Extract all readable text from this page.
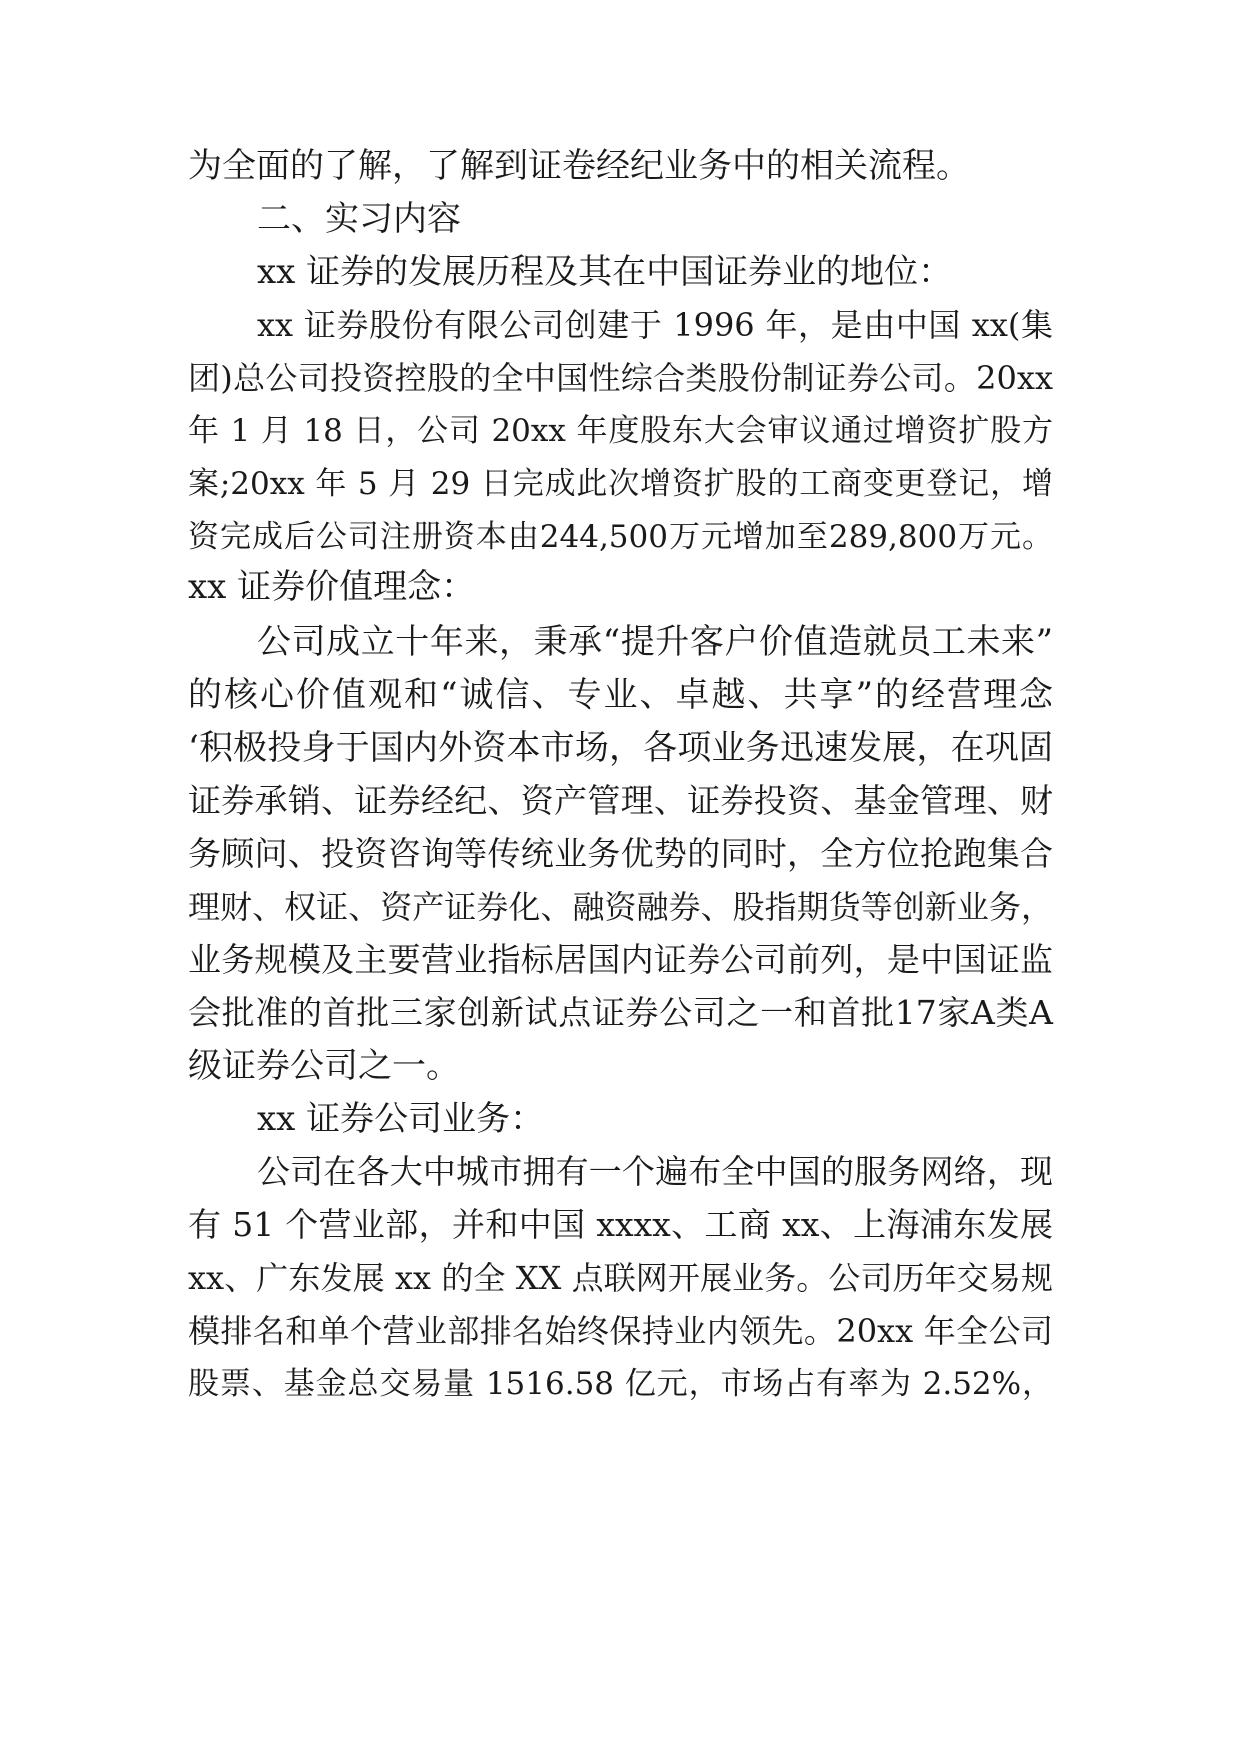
为全面的了解，了解到证卷经纪业务中的相关流程。
二、实习内容
xx 证券的发展历程及其在中国证券业的地位：
xx 证券股份有限公司创建于 1996 年，是由中国 xx(集
团)总公司投资控股的全中国性综合类股份制证券公司。20xx
年 1 月 18 日，公司 20xx 年度股东大会审议通过增资扩股方
案;20xx 年 5 月 29 日完成此次增资扩股的工商变更登记，增
资完成后公司注册资本由244,500万元增加至289,800万元。
xx 证券价值理念：
公司成立十年来，秉承“提升客户价值造就员工未来”
的核心价值观和“诚信、专业、卓越、共享”的经营理念
‘积极投身于国内外资本市场，各项业务迅速发展，在巩固
证券承销、证券经纪、资产管理、证券投资、基金管理、财
务顾问、投资咨询等传统业务优势的同时，全方位抢跑集合
理财、权证、资产证券化、融资融券、股指期货等创新业务，
业务规模及主要营业指标居国内证券公司前列，是中国证监
会批准的首批三家创新试点证券公司之一和首批17家A类A
级证券公司之一。
xx 证券公司业务：
公司在各大中城市拥有一个遍布全中国的服务网络，现
有 51 个营业部，并和中国 xxxx、工商 xx、上海浦东发展
xx、广东发展 xx 的全 XX 点联网开展业务。公司历年交易规
模排名和单个营业部排名始终保持业内领先。20xx 年全公司
股票、基金总交易量 1516.58 亿元，市场占有率为 2.52%，
